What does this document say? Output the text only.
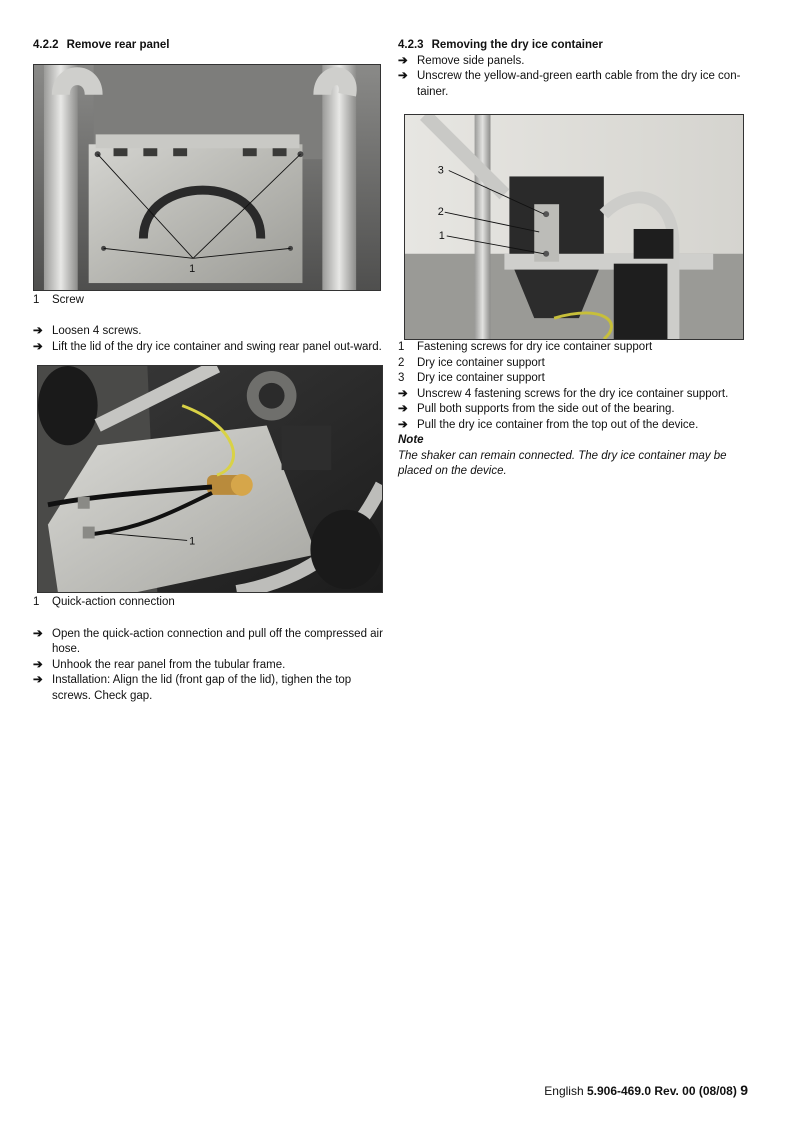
4.2.2 Remove rear panel

1
1	Screw
➔ Loosen 4 screws.
➔ Lift the lid of the dry ice container and swing rear panel out-ward.
1
1	Quick-action connection
➔ Open the quick-action connection and pull off the compressed air hose.
➔ Unhook the rear panel from the tubular frame.
➔ Installation: Align the lid (front gap of the lid), tighen the top screws. Check gap.

4.2.3 Removing the dry ice container

➔ Remove side panels.
➔ Unscrew the yellow-and-green earth cable from the dry ice con-tainer.
3
2
1
1	Fastening screws for dry ice container support
2	Dry ice container support
3	Dry ice container support
➔ Unscrew 4 fastening screws for the dry ice container support.
➔ Pull both supports from the side out of the bearing.
➔ Pull the dry ice container from the top out of the device.
Note
The shaker can remain connected. The dry ice container may be placed on the device.
English 5.906-469.0 Rev. 00 (08/08) 9
